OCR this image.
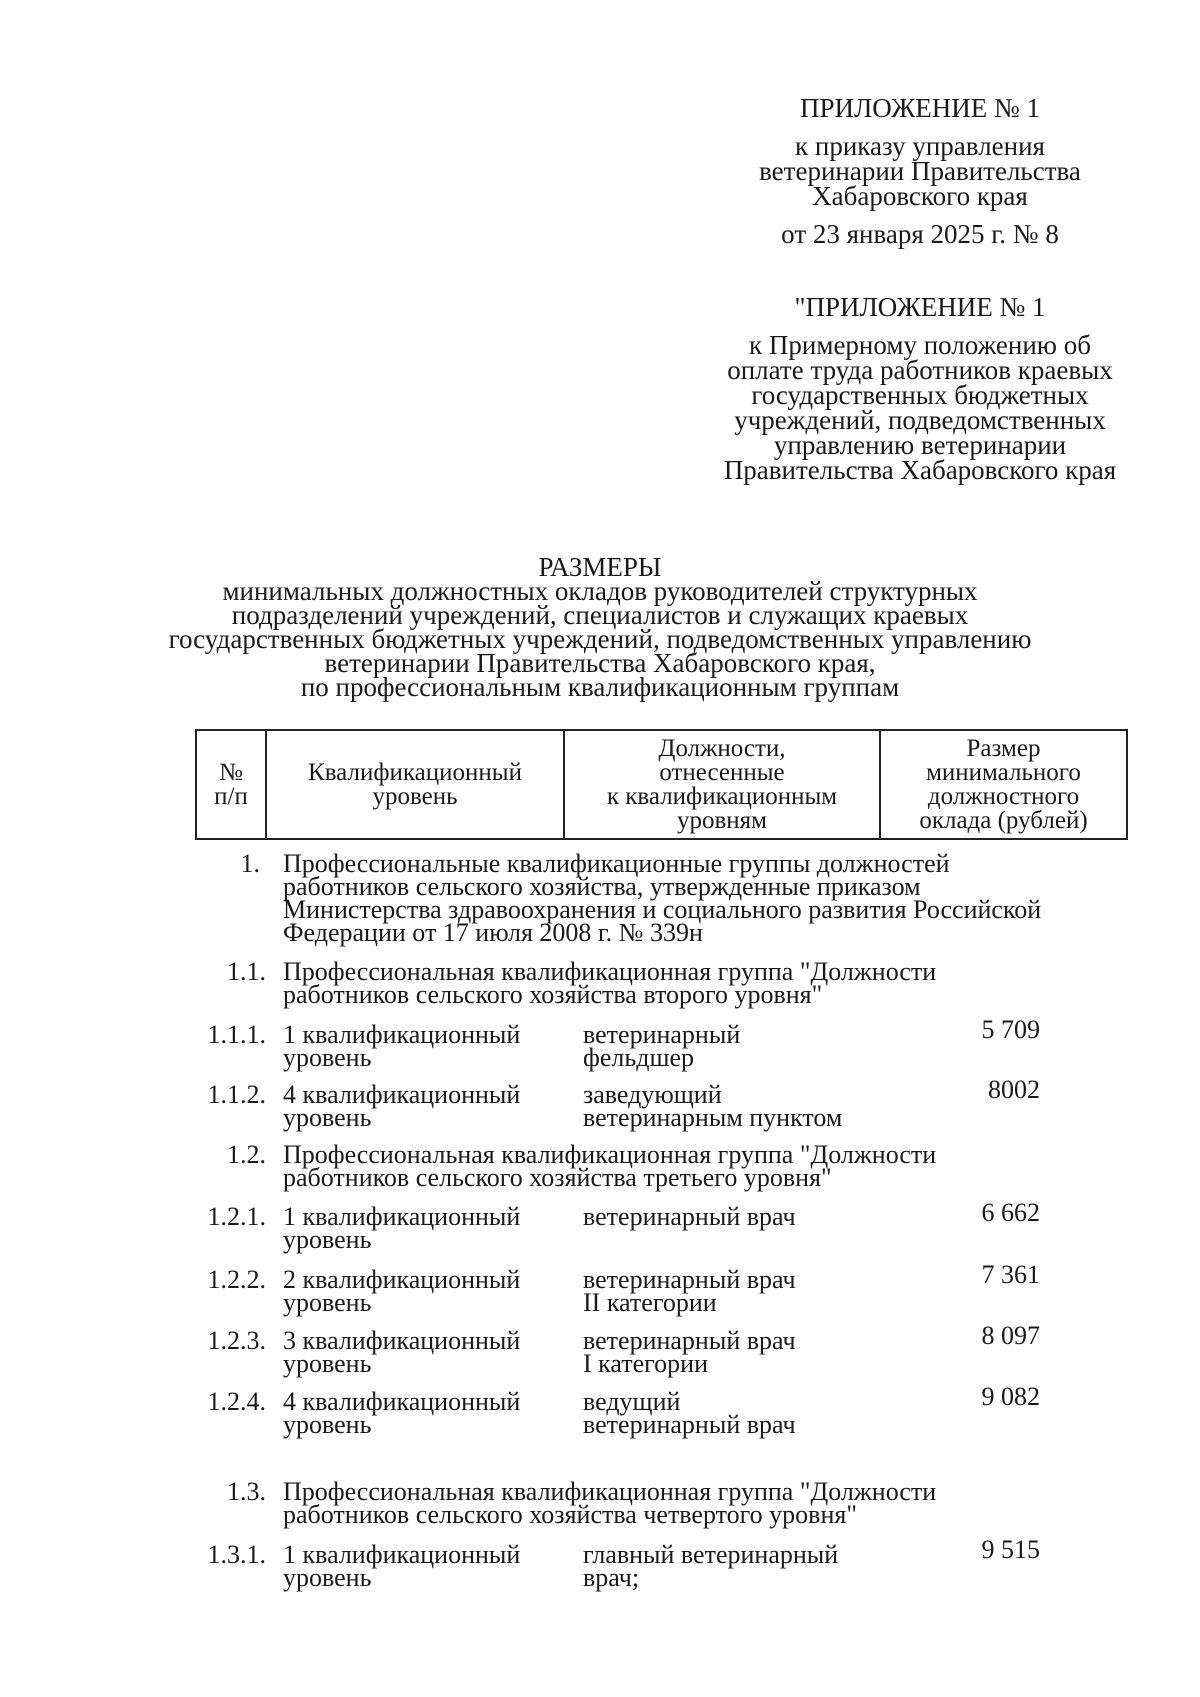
ПРИЛОЖЕНИЕ № 1
к приказу управления
ветеринарии Правительства
Хабаровского края
от 23 января 2025 г. № 8
"ПРИЛОЖЕНИЕ № 1
к Примерному положению об
оплате труда работников краевых
государственных бюджетных
учреждений, подведомственных
управлению ветеринарии
Правительства Хабаровского края
РАЗМЕРЫ
минимальных должностных окладов руководителей структурных
подразделений учреждений, специалистов и служащих краевых
государственных бюджетных учреждений, подведомственных управлению
ветеринарии Правительства Хабаровского края,
по профессиональным квалификационным группам
№
п/п
Квалификационный
уровень
Должности,
отнесенные
к квалификационным
уровням
Размер
минимального
должностного
оклада (рублей)
1. Профессиональные квалификационные группы должностей
работников сельского хозяйства, утвержденные приказом
Министерства здравоохранения и социального развития Российской
Федерации от 17 июля 2008 г. № 339н
1.1. Профессиональная квалификационная группа "Должности
работников сельского хозяйства второго уровня"
1.1.1. 1 квалификационный
уровень
ветеринарный
фельдшер
5 709
1.1.2. 4 квалификационный
уровень
заведующий
ветеринарным пунктом
8002
1.2. Профессиональная квалификационная группа "Должности
работников сельского хозяйства третьего уровня"
1.2.1. 1 квалификационный
уровень
ветеринарный врач	6 662
1.2.2. 2 квалификационный
уровень
ветеринарный врач
II категории
7 361
1.2.3. 3 квалификационный
уровень
ветеринарный врач
I категории
8 097
1.2.4. 4 квалификационный
уровень
ведущий
ветеринарный врач
9 082
1.3. Профессиональная квалификационная группа "Должности
работников сельского хозяйства четвертого уровня"
1.3.1. 1 квалификационный
уровень
главный ветеринарный
врач;
9 515
